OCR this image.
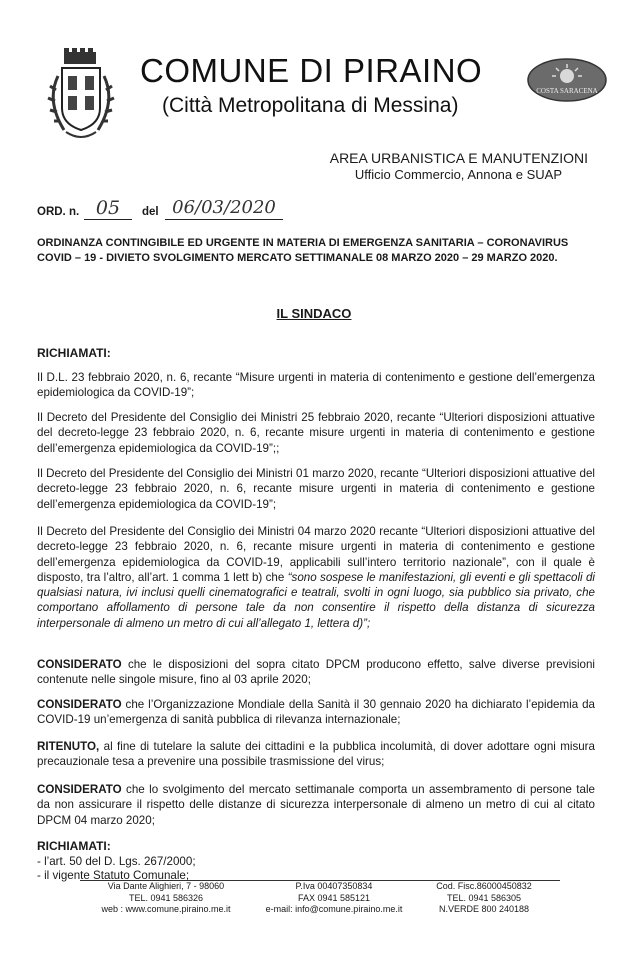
COMUNE DI PIRAINO
(Città Metropolitana di Messina)
COSTA SARACENA
AREA URBANISTICA E MANUTENZIONI
Ufficio Commercio, Annona e SUAP
ORD. n. 05	del 06/03/2020
ORDINANZA CONTINGIBILE ED URGENTE IN MATERIA DI EMERGENZA SANITARIA – CORONAVIRUS COVID – 19 - DIVIETO SVOLGIMENTO MERCATO SETTIMANALE 08 MARZO 2020 – 29 MARZO 2020.
IL SINDACO
RICHIAMATI:
Il D.L. 23 febbraio 2020, n. 6, recante “Misure urgenti in materia di contenimento e gestione dell’emergenza epidemiologica da COVID-19”;
Il Decreto del Presidente del Consiglio dei Ministri 25 febbraio 2020, recante “Ulteriori disposizioni attuative del decreto-legge 23 febbraio 2020, n. 6, recante misure urgenti in materia di contenimento e gestione dell’emergenza epidemiologica da COVID-19”;;
Il Decreto del Presidente del Consiglio dei Ministri 01 marzo 2020, recante “Ulteriori disposizioni attuative del decreto-legge 23 febbraio 2020, n. 6, recante misure urgenti in materia di contenimento e gestione dell’emergenza epidemiologica da COVID-19”;
Il Decreto del Presidente del Consiglio dei Ministri 04 marzo 2020 recante “Ulteriori disposizioni attuative del decreto-legge 23 febbraio 2020, n. 6, recante misure urgenti in materia di contenimento e gestione dell’emergenza epidemiologica da COVID-19, applicabili sull’intero territorio nazionale”, con il quale è disposto, tra l’altro, all’art. 1 comma 1 lett b) che “sono sospese le manifestazioni, gli eventi e gli spettacoli di qualsiasi natura, ivi inclusi quelli cinematografici e teatrali, svolti in ogni luogo, sia pubblico sia privato, che comportano affollamento di persone tale da non consentire il rispetto della distanza di sicurezza interpersonale di almeno un metro di cui all’allegato 1, lettera d)”;
CONSIDERATO che le disposizioni del sopra citato DPCM producono effetto, salve diverse previsioni contenute nelle singole misure, fino al 03 aprile 2020;
CONSIDERATO che l’Organizzazione Mondiale della Sanità il 30 gennaio 2020 ha dichiarato l’epidemia da COVID-19 un’emergenza di sanità pubblica di rilevanza internazionale;
RITENUTO, al fine di tutelare la salute dei cittadini e la pubblica incolumità, di dover adottare ogni misura precauzionale tesa a prevenire una possibile trasmissione del virus;
CONSIDERATO che lo svolgimento del mercato settimanale comporta un assembramento di persone tale da non assicurare il rispetto delle distanze di sicurezza interpersonale di almeno un metro di cui al citato DPCM 04 marzo 2020;
RICHIAMATI:
- l’art. 50 del D. Lgs. 267/2000;
- il vigente Statuto Comunale;
Via Dante Alighieri, 7 - 98060
TEL. 0941 586326
web : www.comune.piraino.me.it
P.Iva 00407350834
FAX 0941 585121
e-mail: info@comune.piraino.me.it
Cod. Fisc.86000450832
TEL. 0941 586305
N.VERDE 800 240188
